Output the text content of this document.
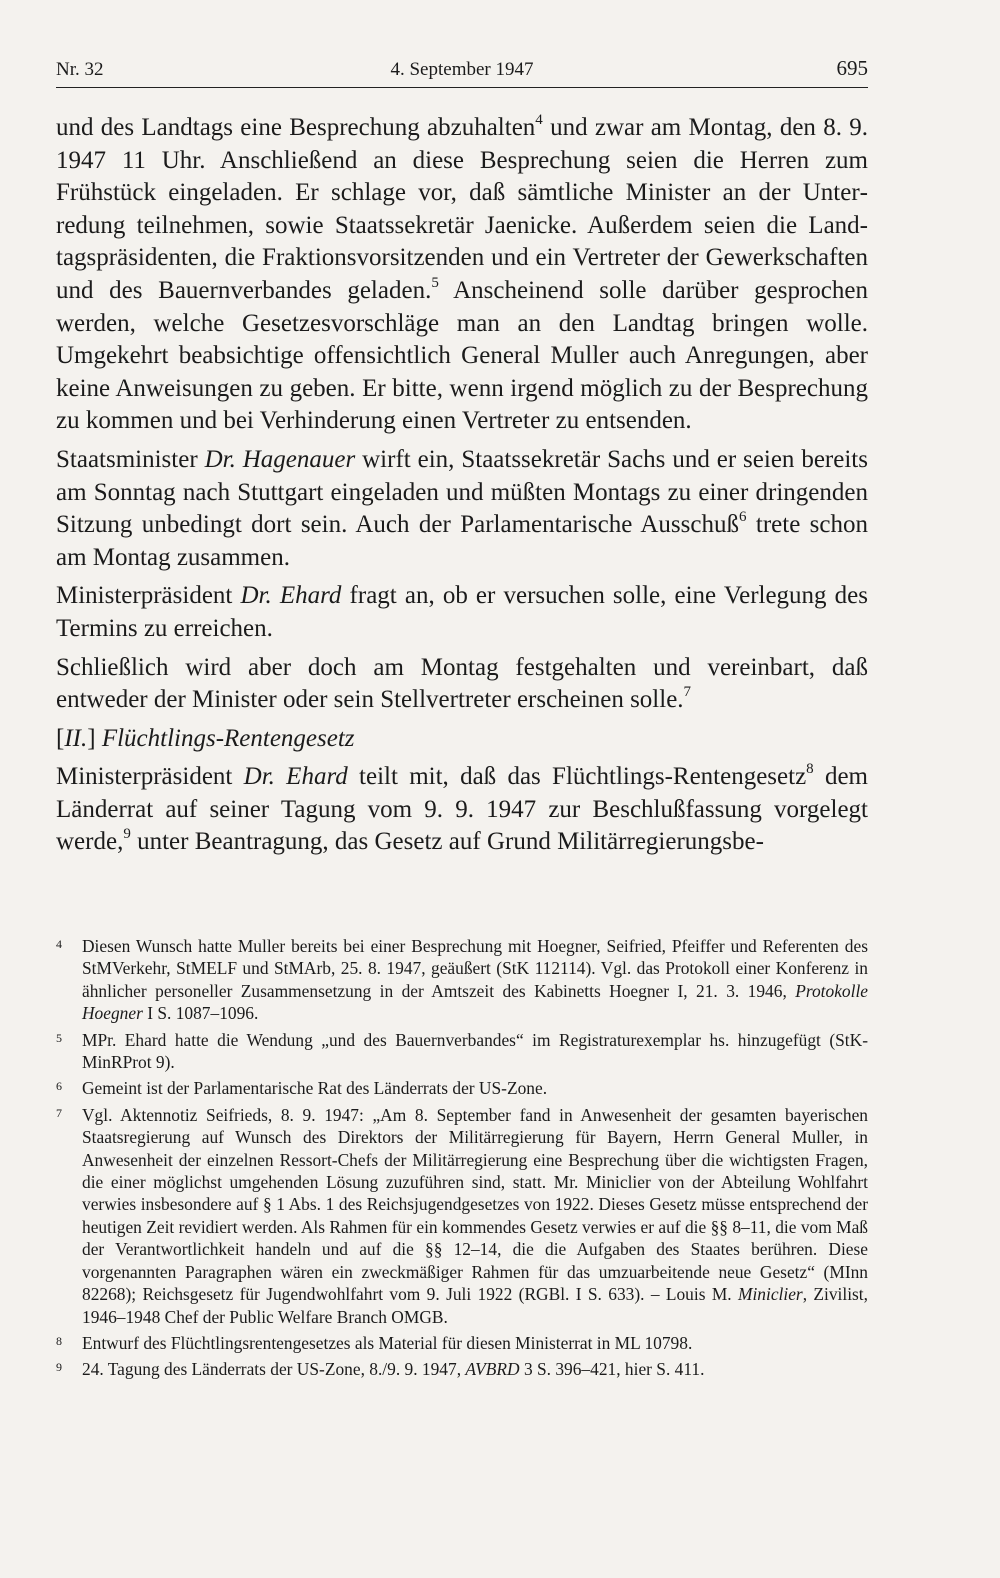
Nr. 32	4. September 1947	695

und des Landtags eine Besprechung abzuhalten$^4$ und zwar am Montag, den 8. 9. 1947 11 Uhr. Anschließend an diese Besprechung seien die Herren zum Frühstück eingeladen. Er schlage vor, daß sämtliche Minister an der Unterredung teilnehmen, sowie Staatssekretär Jaenicke. Außerdem seien die Landtagspräsidenten, die Fraktionsvorsitzenden und ein Vertreter der Gewerkschaften und des Bauernverbandes geladen.$^5$ Anscheinend solle darüber gesprochen werden, welche Gesetzesvorschläge man an den Landtag bringen wolle. Umgekehrt beabsichtige offensichtlich General Muller auch Anregungen, aber keine Anweisungen zu geben. Er bitte, wenn irgend möglich zu der Besprechung zu kommen und bei Verhinderung einen Vertreter zu entsenden.

Staatsminister Dr. Hagenauer wirft ein, Staatssekretär Sachs und er seien bereits am Sonntag nach Stuttgart eingeladen und müßten Montags zu einer dringenden Sitzung unbedingt dort sein. Auch der Parlamentarische Ausschuß$^6$ trete schon am Montag zusammen.

Ministerpräsident Dr. Ehard fragt an, ob er versuchen solle, eine Verlegung des Termins zu erreichen.

Schließlich wird aber doch am Montag festgehalten und vereinbart, daß entweder der Minister oder sein Stellvertreter erscheinen solle.$^7$

[II.] Flüchtlings-Rentengesetz

Ministerpräsident Dr. Ehard teilt mit, daß das Flüchtlings-Rentengesetz$^8$ dem Länderrat auf seiner Tagung vom 9. 9. 1947 zur Beschlußfassung vorgelegt werde,$^9$ unter Beantragung, das Gesetz auf Grund Militärregierungsbe-

4	Diesen Wunsch hatte Muller bereits bei einer Besprechung mit Hoegner, Seifried, Pfeiffer und Referenten des StMVerkehr, StMELF und StMArb, 25. 8. 1947, geäußert (StK 112114). Vgl. das Protokoll einer Konferenz in ähnlicher personeller Zusammensetzung in der Amtszeit des Kabinetts Hoegner I, 21. 3. 1946, Protokolle Hoegner I S. 1087–1096.
5	MPr. Ehard hatte die Wendung „und des Bauernverbandes“ im Registraturexemplar hs. hinzugefügt (StK-MinRProt 9).
6	Gemeint ist der Parlamentarische Rat des Länderrats der US-Zone.
7	Vgl. Aktennotiz Seifrieds, 8. 9. 1947: „Am 8. September fand in Anwesenheit der gesamten bayerischen Staatsregierung auf Wunsch des Direktors der Militärregierung für Bayern, Herrn General Muller, in Anwesenheit der einzelnen Ressort-Chefs der Militärregierung eine Besprechung über die wichtigsten Fragen, die einer möglichst umgehenden Lösung zuzuführen sind, statt. Mr. Miniclier von der Abteilung Wohlfahrt verwies insbesondere auf § 1 Abs. 1 des Reichsjugendgesetzes von 1922. Dieses Gesetz müsse entsprechend der heutigen Zeit revidiert werden. Als Rahmen für ein kommendes Gesetz verwies er auf die §§ 8–11, die vom Maß der Verantwortlichkeit handeln und auf die §§ 12–14, die die Aufgaben des Staates berühren. Diese vorgenannten Paragraphen wären ein zweckmäßiger Rahmen für das umzuarbeitende neue Gesetz“ (MInn 82268); Reichsgesetz für Jugendwohlfahrt vom 9. Juli 1922 (RGBl. I S. 633). – Louis M. Miniclier, Zivilist, 1946–1948 Chef der Public Welfare Branch OMGB.
8	Entwurf des Flüchtlingsrentengesetzes als Material für diesen Ministerrat in ML 10798.
9	24. Tagung des Länderrats der US-Zone, 8./9. 9. 1947, AVBRD 3 S. 396–421, hier S. 411.
